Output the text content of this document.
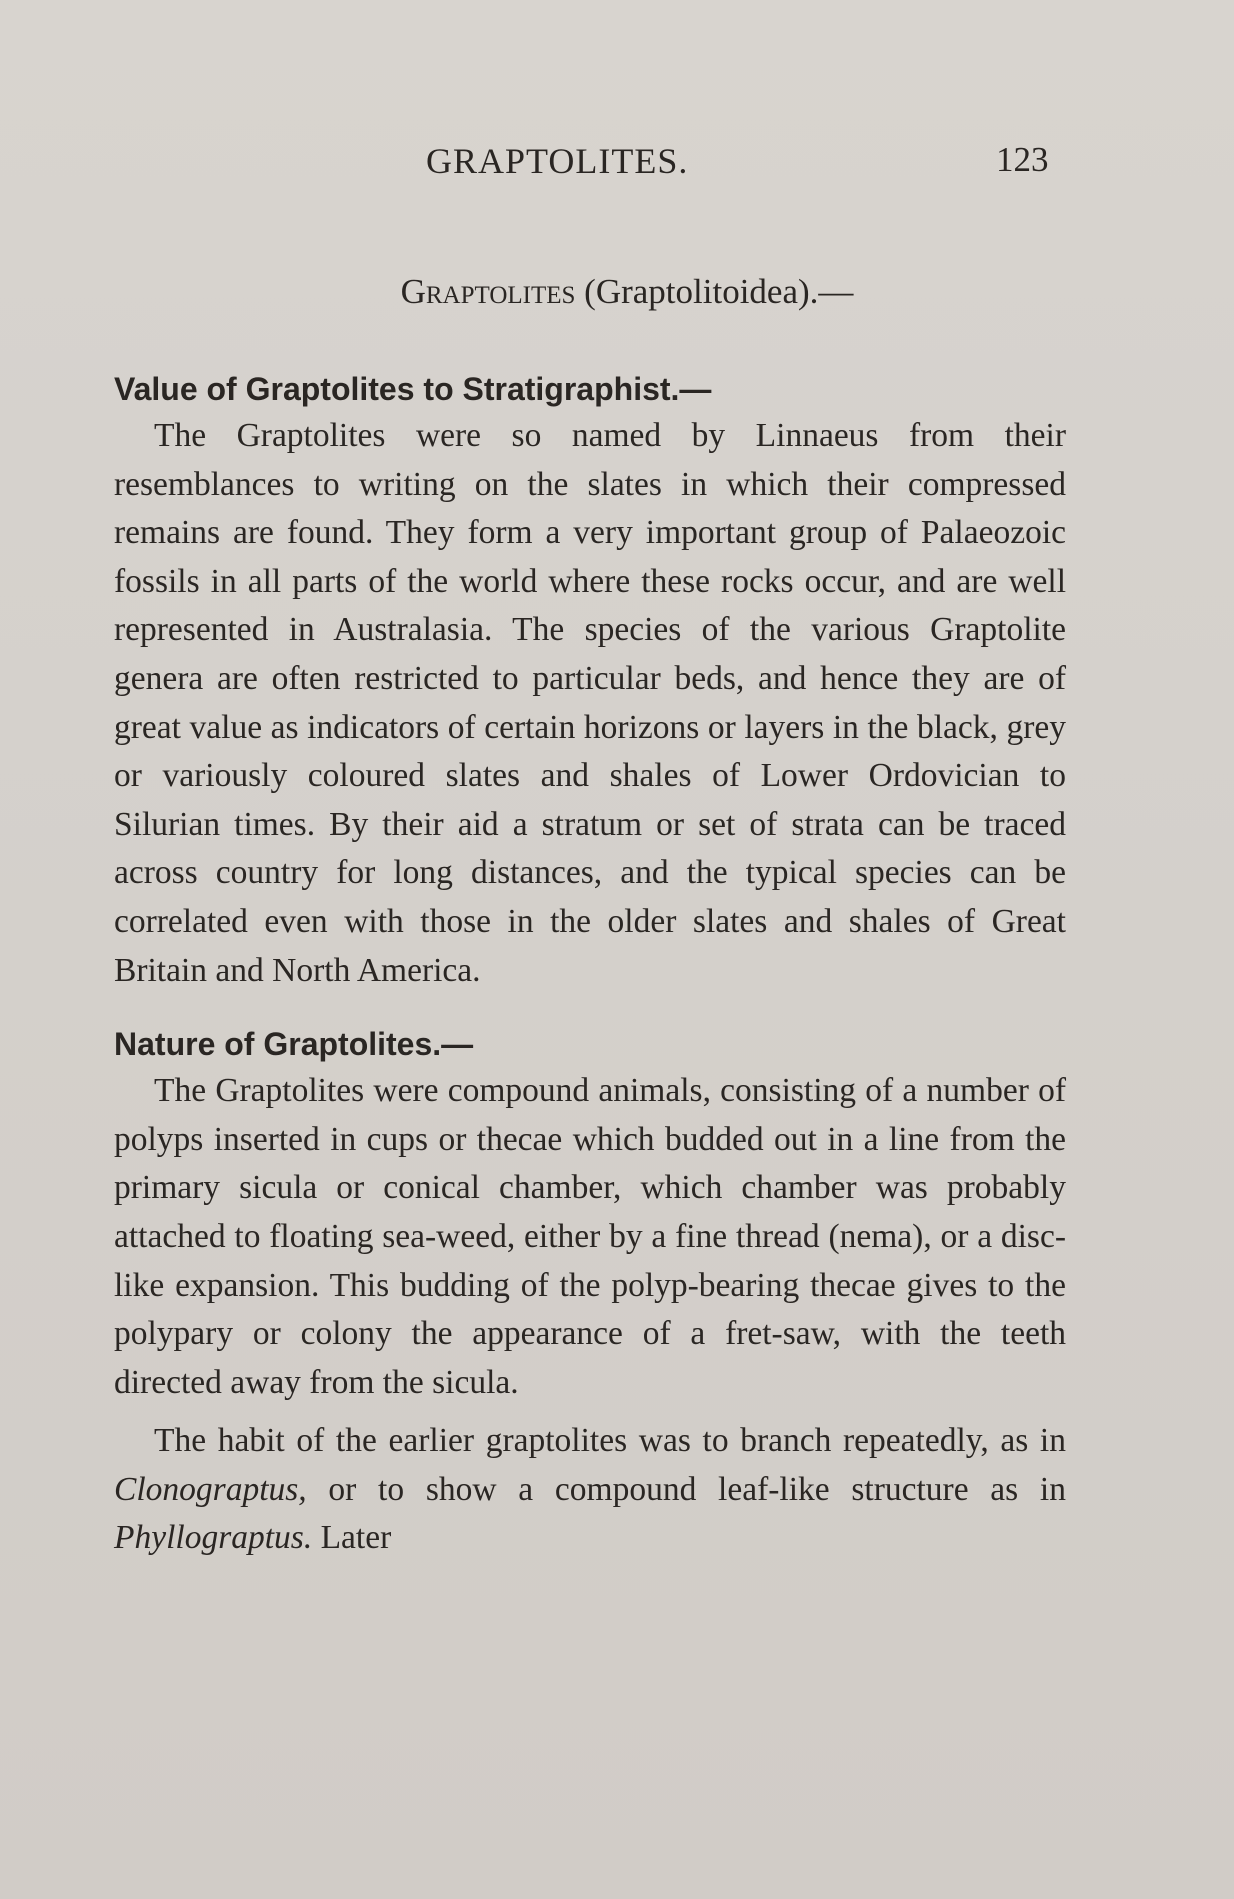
GRAPTOLITES.	123
Graptolites (Graptolitoidea).—

Value of Graptolites to Stratigraphist.—

The Graptolites were so named by Linnaeus from their resemblances to writing on the slates in which their compressed remains are found. They form a very important group of Palaeozoic fossils in all parts of the world where these rocks occur, and are well represented in Australasia. The species of the various Graptolite genera are often restricted to particular beds, and hence they are of great value as indicators of certain horizons or layers in the black, grey or variously coloured slates and shales of Lower Ordovician to Silurian times. By their aid a stratum or set of strata can be traced across country for long distances, and the typical species can be correlated even with those in the older slates and shales of Great Britain and North America.

Nature of Graptolites.—

The Graptolites were compound animals, consisting of a number of polyps inserted in cups or thecae which budded out in a line from the primary sicula or conical chamber, which chamber was probably attached to floating sea-weed, either by a fine thread (nema), or a disc-like expansion. This budding of the polyp-bearing thecae gives to the polypary or colony the appearance of a fret-saw, with the teeth directed away from the sicula.

The habit of the earlier graptolites was to branch repeatedly, as in Clonograptus, or to show a compound leaf-like structure as in Phyllograptus. Later
